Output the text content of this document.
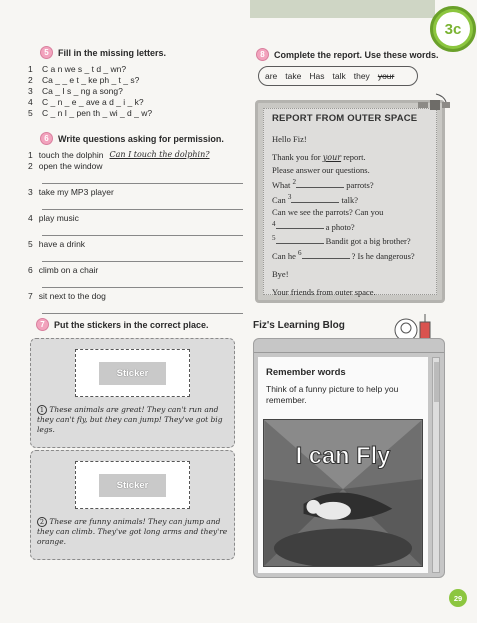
3c
5	Fill in the missing letters.
1	C a n we s _ t d _ wn?
2	Ca _ _ e t _ ke ph _ t _ s?
3	Ca _ I s _ ng a song?
4	C _ n _ e _ ave a d _ i _ k?
5	C _ n I _ pen th _ wi _ d _ w?
6	Write questions asking for permission.
1 touch the dolphin Can I touch the dolphin?
2 open the window
3 take my MP3 player
4 play music
5 have a drink
6 climb on a chair
7 sit next to the dog
7	Put the stickers in the correct place.
Sticker
1 These animals are great! They can't run and they can't fly, but they can jump! They've got big legs.
Sticker
2 These are funny animals! They can jump and they can climb. They've got long arms and they're orange.
8	Complete the report. Use these words.
are take Has talk they your
REPORT FROM OUTER SPACE

Hello Fiz!

Thank you for your report.
Please answer our questions.
What $^2$	parrots?
Can $^3$	talk?
Can we see the parrots? Can you
$^4$	a photo?
$^5$	Bandit got a big brother?

Can he $^6$	? Is he dangerous?

Bye!

Your friends from outer space.
Fiz's Learning Blog
Remember words
Think of a funny picture to help you remember.
I can Fly
29
